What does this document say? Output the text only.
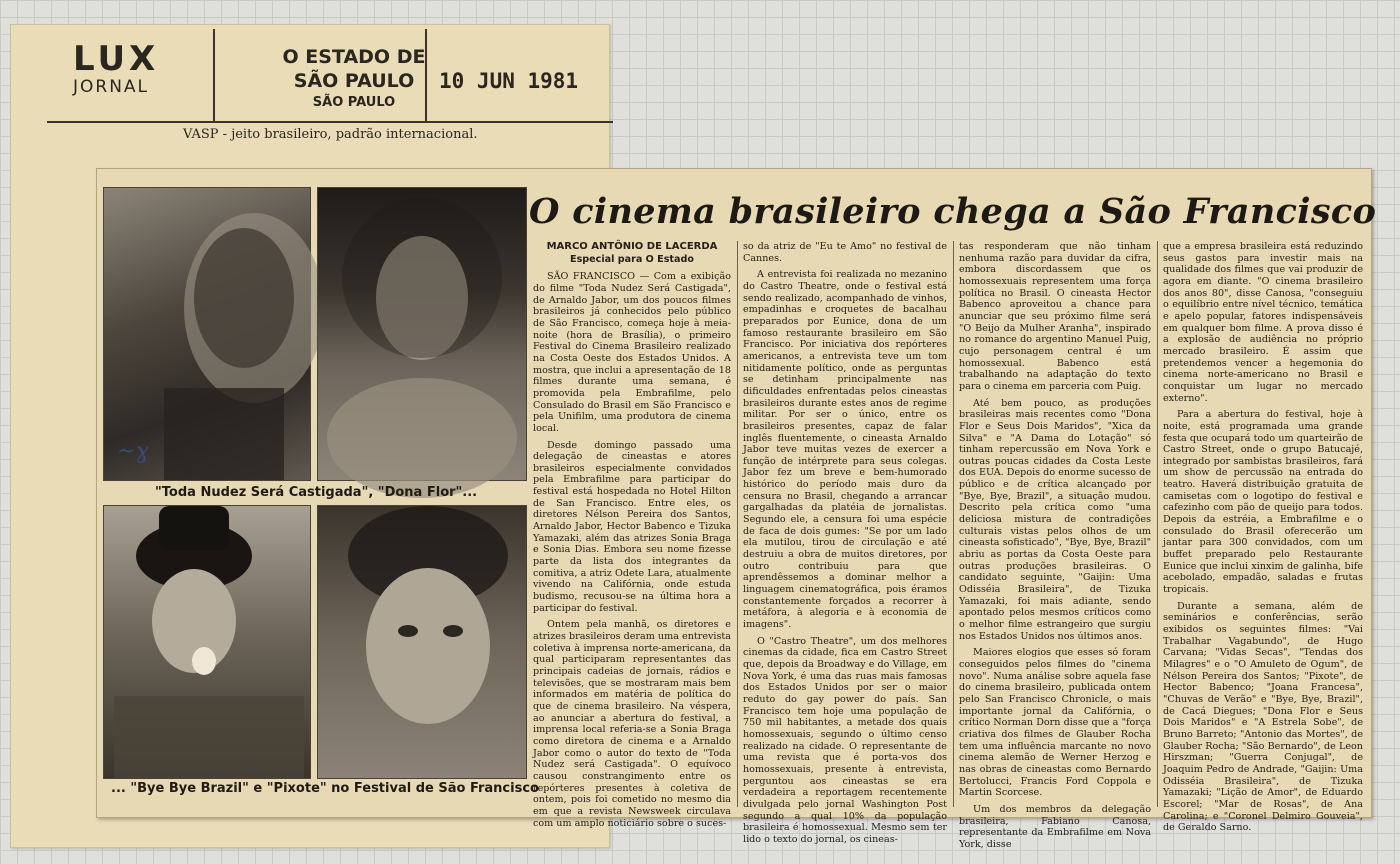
LUX
JORNAL
O ESTADO DE
SÃO PAULO
SÃO PAULO
10 JUN 1981
VASP - jeito brasileiro, padrão internacional.
"Toda Nudez Será Castigada", "Dona Flor"...
... "Bye Bye Brazil" e "Pixote" no Festival de São Francisco
~ɣ
O cinema brasileiro chega a São Francisco
MARCO ANTÔNIO DE LACERDA
Especial para O Estado

SÃO FRANCISCO — Com a exibição do filme "Toda Nudez Será Castigada", de Arnaldo Jabor, um dos poucos filmes brasileiros já conhecidos pelo público de São Francisco, começa hoje à meia-noite (hora de Brasília), o primeiro Festival do Cinema Brasileiro realizado na Costa Oeste dos Estados Unidos. A mostra, que inclui a apresentação de 18 filmes durante uma semana, é promovida pela Embrafilme, pelo Consulado do Brasil em São Francisco e pela Unifilm, uma produtora de cinema local.

Desde domingo passado uma delegação de cineastas e atores brasileiros especialmente convidados pela Embrafilme para participar do festival está hospedada no Hotel Hilton de San Francisco. Entre eles, os diretores Nélson Pereira dos Santos, Arnaldo Jabor, Hector Babenco e Tizuka Yamazaki, além das atrizes Sonia Braga e Sonia Dias. Embora seu nome fizesse parte da lista dos integrantes da comitiva, a atriz Odete Lara, atualmente vivendo na Califórnia, onde estuda budismo, recusou-se na última hora a participar do festival.

Ontem pela manhã, os diretores e atrizes brasileiros deram uma entrevista coletiva à imprensa norte-americana, da qual participaram representantes das principais cadeias de jornais, rádios e televisões, que se mostraram mais bem informados em matéria de política do que de cinema brasileiro. Na véspera, ao anunciar a abertura do festival, a imprensa local referia-se a Sonia Braga como diretora de cinema e a Arnaldo Jabor como o autor do texto de "Toda Nudez será Castigada". O equívoco causou constrangimento entre os repórteres presentes à coletiva de ontem, pois foi cometido no mesmo dia em que a revista Newsweek circulava com um amplo noticiário sobre o suces-

so da atriz de "Eu te Amo" no festival de Cannes.

A entrevista foi realizada no mezanino do Castro Theatre, onde o festival está sendo realizado, acompanhado de vinhos, empadinhas e croquetes de bacalhau preparados por Eunice, dona de um famoso restaurante brasileiro em São Francisco. Por iniciativa dos repórteres americanos, a entrevista teve um tom nitidamente político, onde as perguntas se detinham principalmente nas dificuldades enfrentadas pelos cineastas brasileiros durante estes anos de regime militar. Por ser o único, entre os brasileiros presentes, capaz de falar inglês fluentemente, o cineasta Arnaldo Jabor teve muitas vezes de exercer a função de intérprete para seus colegas. Jabor fez um breve e bem-humorado histórico do período mais duro da censura no Brasil, chegando a arrancar gargalhadas da platéia de jornalistas. Segundo ele, a censura foi uma espécie de faca de dois gumes: "Se por um lado ela mutilou, tirou de circulação e até destruiu a obra de muitos diretores, por outro contribuiu para que aprendêssemos a dominar melhor a linguagem cinematográfica, pois éramos constantemente forçados a recorrer à metáfora, à alegoria e à economia de imagens".

O "Castro Theatre", um dos melhores cinemas da cidade, fica em Castro Street que, depois da Broadway e do Village, em Nova York, é uma das ruas mais famosas dos Estados Unidos por ser o maior reduto do gay power do país. San Francisco tem hoje uma população de 750 mil habitantes, a metade dos quais homossexuais, segundo o último censo realizado na cidade. O representante de uma revista que é porta-vos dos homossexuais, presente à entrevista, perguntou aos cineastas se era verdadeira a reportagem recentemente divulgada pelo jornal Washington Post segundo a qual 10% da população brasileira é homossexual. Mesmo sem ter lido o texto do jornal, os cineas-

tas responderam que não tinham nenhuma razão para duvidar da cifra, embora discordassem que os homossexuais representem uma força política no Brasil. O cineasta Hector Babenco aproveitou a chance para anunciar que seu próximo filme será "O Beijo da Mulher Aranha", inspirado no romance do argentino Manuel Puig, cujo personagem central é um homossexual. Babenco está trabalhando na adaptação do texto para o cinema em parceria com Puig.

Até bem pouco, as produções brasileiras mais recentes como "Dona Flor e Seus Dois Maridos", "Xica da Silva" e "A Dama do Lotação" só tinham repercussão em Nova York e outras poucas cidades da Costa Leste dos EUA. Depois do enorme sucesso de público e de crítica alcançado por "Bye, Bye, Brazil", a situação mudou. Descrito pela crítica como "uma deliciosa mistura de contradições culturais vistas pelos olhos de um cineasta sofisticado", "Bye, Bye, Brazil" abriu as portas da Costa Oeste para outras produções brasileiras. O candidato seguinte, "Gaijin: Uma Odisséia Brasileira", de Tizuka Yamazaki, foi mais adiante, sendo apontado pelos mesmos críticos como o melhor filme estrangeiro que surgiu nos Estados Unidos nos últimos anos.

Maiores elogios que esses só foram conseguidos pelos filmes do "cinema novo". Numa análise sobre aquela fase do cinema brasileiro, publicada ontem pelo San Francisco Chronicle, o mais importante jornal da Califórnia, o crítico Norman Dorn disse que a "força criativa dos filmes de Glauber Rocha tem uma influência marcante no novo cinema alemão de Werner Herzog e nas obras de cineastas como Bernardo Bertolucci, Francis Ford Coppola e Martin Scorcese.

Um dos membros da delegação brasileira, Fabiano Canosa, representante da Embrafilme em Nova York, disse

que a empresa brasileira está reduzindo seus gastos para investir mais na qualidade dos filmes que vai produzir de agora em diante. "O cinema brasileiro dos anos 80", disse Canosa, "conseguiu o equilíbrio entre nível técnico, temática e apelo popular, fatores indispensáveis em qualquer bom filme. A prova disso é a explosão de audiência no próprio mercado brasileiro. É assim que pretendemos vencer a hegemonia do cinema norte-americano no Brasil e conquistar um lugar no mercado externo".

Para a abertura do festival, hoje à noite, está programada uma grande festa que ocupará todo um quarteirão de Castro Street, onde o grupo Batucajé, integrado por sambistas brasileiros, fará um show de percussão na entrada do teatro. Haverá distribuição gratuita de camisetas com o logotipo do festival e cafezinho com pão de queijo para todos. Depois da estréia, a Embrafilme e o consulado do Brasil oferecerão um jantar para 300 convidados, com um buffet preparado pelo Restaurante Eunice que inclui xinxim de galinha, bife acebolado, empadão, saladas e frutas tropicais.

Durante a semana, além de seminários e conferências, serão exibidos os seguintes filmes: "Vai Trabalhar Vagabundo", de Hugo Carvana; "Vidas Secas", "Tendas dos Milagres" e o "O Amuleto de Ogum", de Nélson Pereira dos Santos; "Pixote", de Hector Babenco; "Joana Francesa", "Chuvas de Verão" e "Bye, Bye, Brazil", de Cacá Diegues; "Dona Flor e Seus Dois Maridos" e "A Estrela Sobe", de Bruno Barreto; "Antonio das Mortes", de Glauber Rocha; "São Bernardo", de Leon Hirszman; "Guerra Conjugal", de Joaquim Pedro de Andrade, "Gaijin: Uma Odisséia Brasileira", de Tizuka Yamazaki; "Lição de Amor", de Eduardo Escorel; "Mar de Rosas", de Ana Carolina; e "Coronel Delmiro Gouveia", de Geraldo Sarno.
